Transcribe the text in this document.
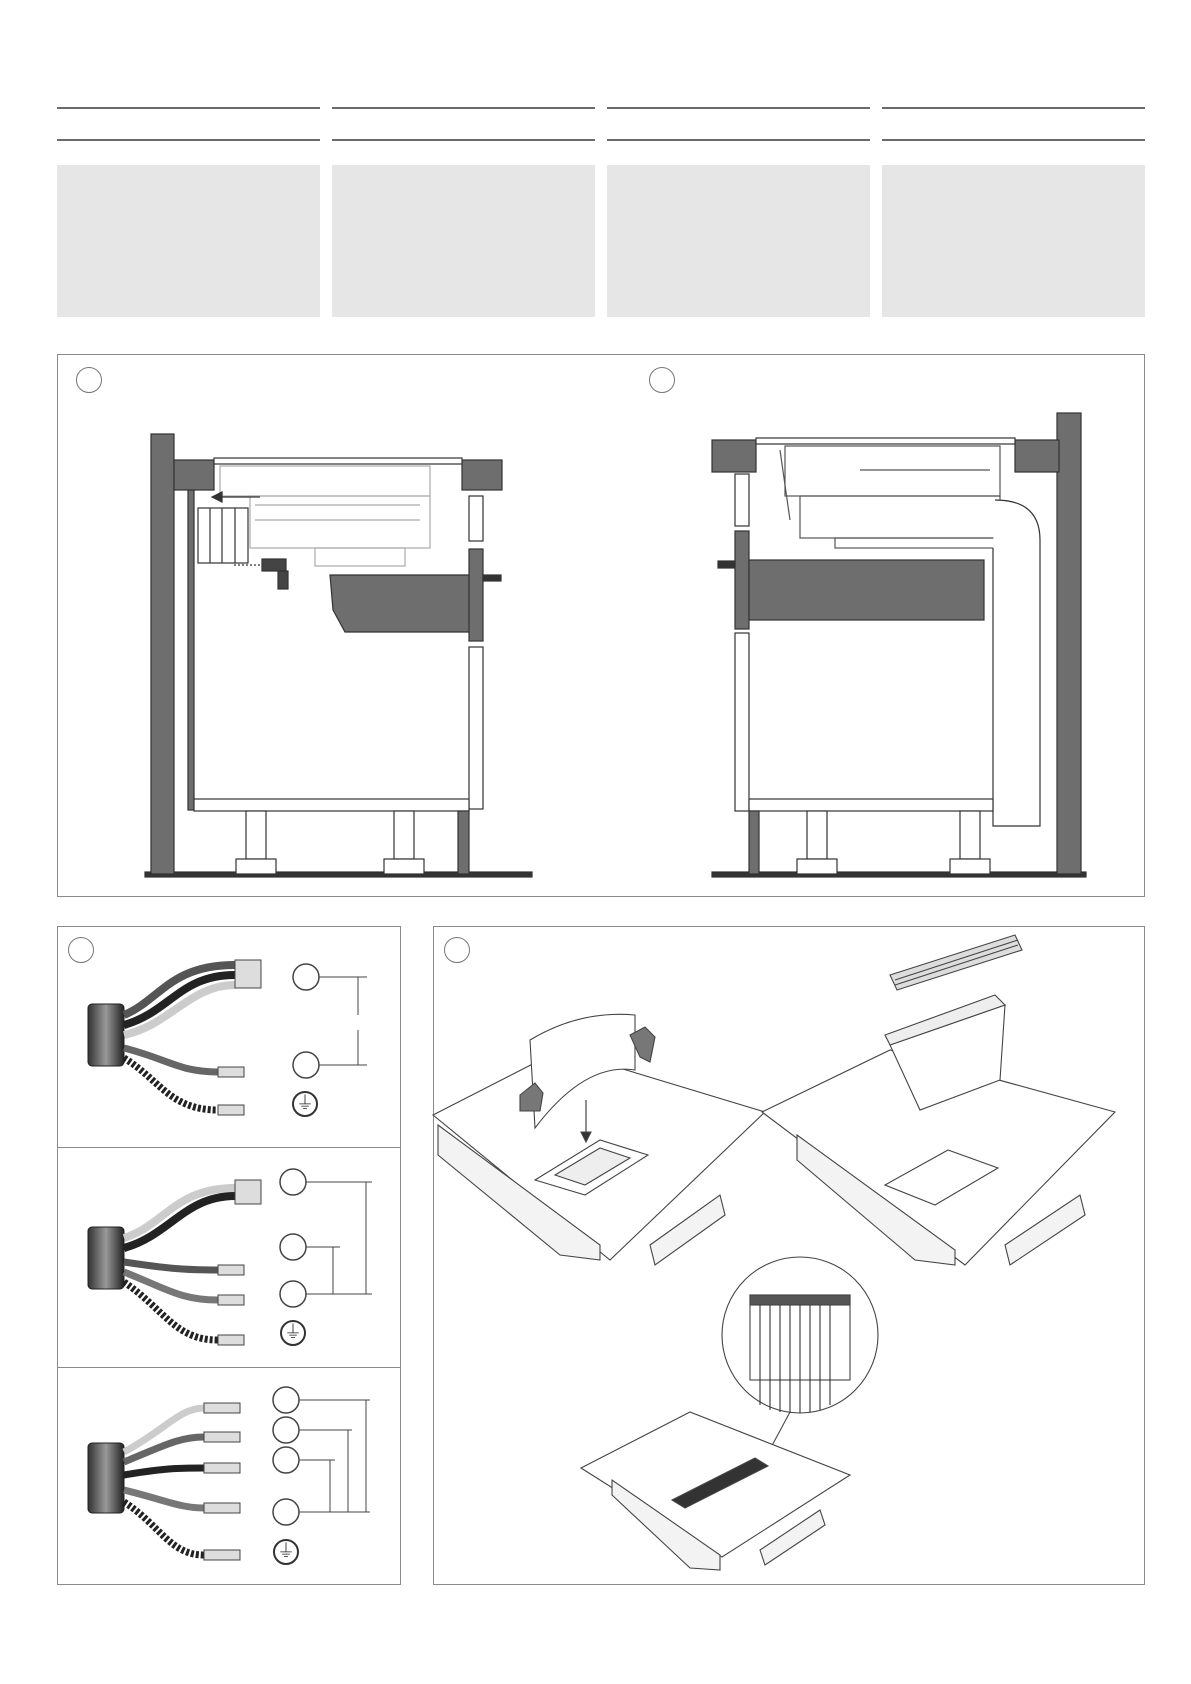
⏚
⏚
⏚
